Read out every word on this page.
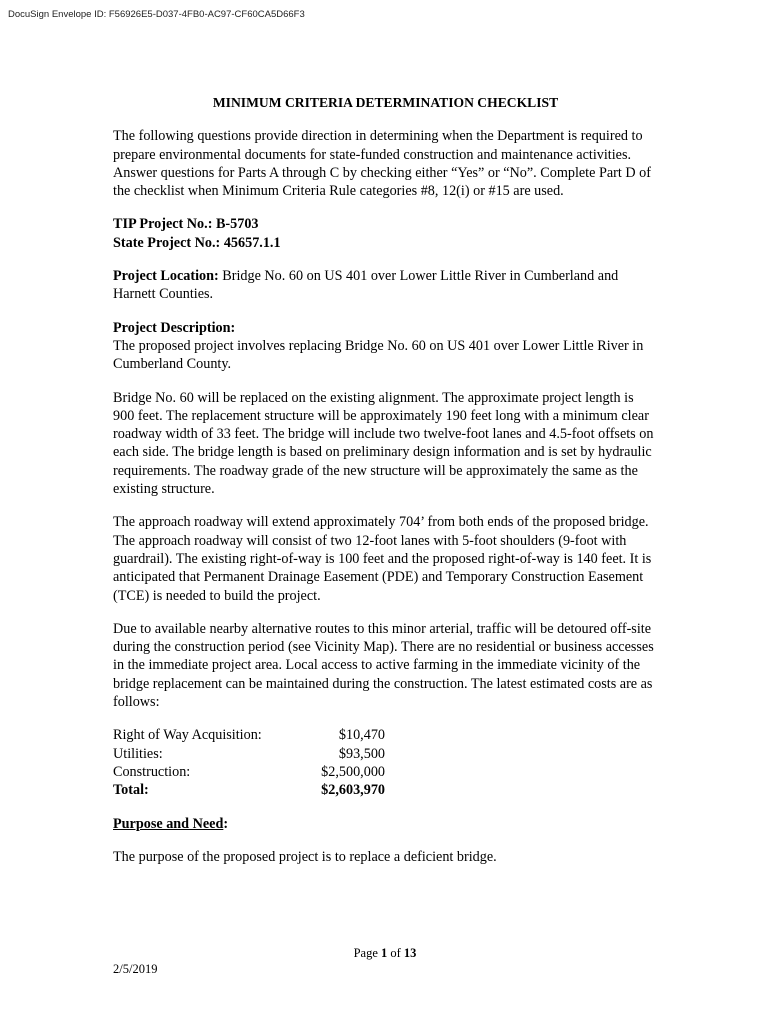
DocuSign Envelope ID: F56926E5-D037-4FB0-AC97-CF60CA5D66F3
MINIMUM CRITERIA DETERMINATION CHECKLIST

The following questions provide direction in determining when the Department is required to prepare environmental documents for state-funded construction and maintenance activities. Answer questions for Parts A through C by checking either “Yes” or “No”. Complete Part D of the checklist when Minimum Criteria Rule categories #8, 12(i) or #15 are used.

TIP Project No.: B-5703
State Project No.: 45657.1.1

Project Location: Bridge No. 60 on US 401 over Lower Little River in Cumberland and Harnett Counties.

Project Description:
The proposed project involves replacing Bridge No. 60 on US 401 over Lower Little River in Cumberland County.

Bridge No. 60 will be replaced on the existing alignment. The approximate project length is 900 feet. The replacement structure will be approximately 190 feet long with a minimum clear roadway width of 33 feet. The bridge will include two twelve-foot lanes and 4.5-foot offsets on each side. The bridge length is based on preliminary design information and is set by hydraulic requirements. The roadway grade of the new structure will be approximately the same as the existing structure.

The approach roadway will extend approximately 704’ from both ends of the proposed bridge. The approach roadway will consist of two 12-foot lanes with 5-foot shoulders (9-foot with guardrail). The existing right-of-way is 100 feet and the proposed right-of-way is 140 feet. It is anticipated that Permanent Drainage Easement (PDE) and Temporary Construction Easement (TCE) is needed to build the project.

Due to available nearby alternative routes to this minor arterial, traffic will be detoured off-site during the construction period (see Vicinity Map). There are no residential or business accesses in the immediate project area. Local access to active farming in the immediate vicinity of the bridge replacement can be maintained during the construction. The latest estimated costs are as follows:

Right of Way Acquisition:	$10,470
Utilities:	$93,500
Construction:	$2,500,000
Total:	$2,603,970

Purpose and Need:

The purpose of the proposed project is to replace a deficient bridge.

Page 1 of 13
2/5/2019
